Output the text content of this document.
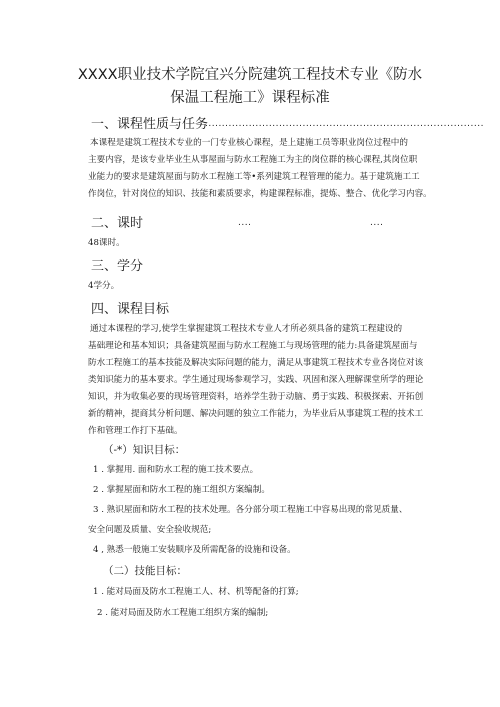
XXXX职业技术学院宜兴分院建筑工程技术专业《防水
保温工程施工》课程标准
一、课程性质与任务
...................................................................................
本课程是建筑工程技术专业的一门专业核心课程，是上建施工员等职业岗位过程中的
主要内容，是该专业毕业生从事屋面与防水工程施工为主的岗位群的核心课程,其岗位职
业能力的要求是建筑屋面与防水工程施工等•系列建筑工程管理的能力。基于建筑施工工
作岗位，针对岗位的知识、技能和素质要求，构建课程标准，提炼、整合、优化学习内容。
二、课时	....	....
48课时。
三、学分
4学分。
四、课程目标
通过本课程的学习,使学生掌握建筑工程技术专业人才所必须具备的建筑工程建设的
基础理论和基本知识；具备建筑屋面与防水工程施工与现场管理的能力:具备建筑屋面与
防水工程施工的基本技能及解决实际问题的能力，满足从事建筑工程技术专业各岗位对该
类知识能力的基本要求。学生通过现场参观学习，实践、巩固和深入理解课堂所学的理论
知识，并为收集必要的现场管理资料，培养学生勃于动脑、勇于实践、积极探索、开拓创
新的精神，提商其分析问题、解决问题的独立工作能力，为毕业后从事建筑工程的技术工
作和管理工作打下基础。
（-*）知识目标：
1 . 掌握用. 面和防水工程的施工技术要点。
2 . 掌握屋面和防水工程的施工组织方案编制。
3 . 熟识屋面和防水工程的技术处理。各分部分项工程施工中容易出现的常见质量、
安全问题及质量、安全验收规范;
4 , 熟悉一般施工安装顺序及所需配备的设施和设备。
（二）技能目标：
1 . 能对局面及防水工程施工人、材、机等配备的打算;
2 . 能对局面及防水工程施工组织方案的编制;
